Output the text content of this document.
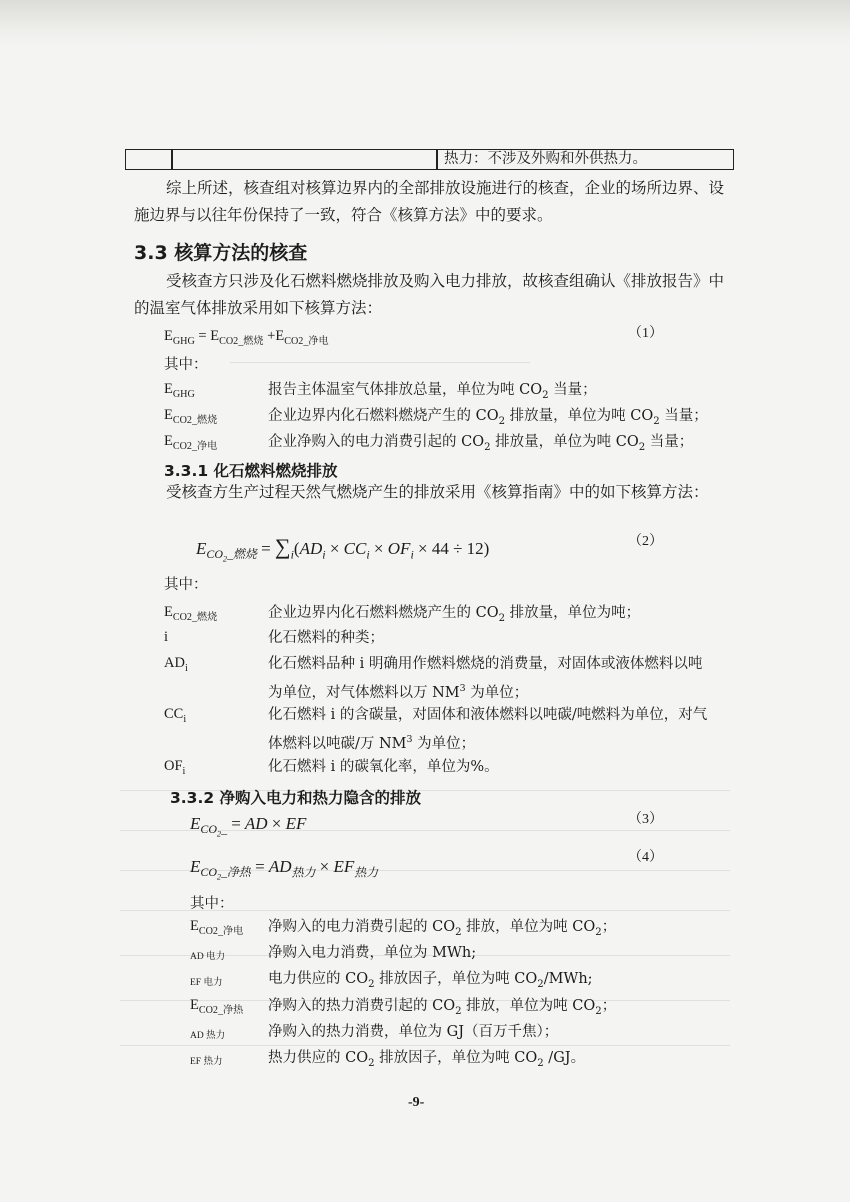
热力：不涉及外购和外供热力。
综上所述，核查组对核算边界内的全部排放设施进行的核查，企业的场所边界、设
施边界与以往年份保持了一致，符合《核算方法》中的要求。
3.3 核算方法的核查
受核查方只涉及化石燃料燃烧排放及购入电力排放，故核查组确认《排放报告》中
的温室气体排放采用如下核算方法：
$E_{GHG} = E_{CO2\_燃烧} +E_{CO2\_净电}$
（1）
其中：
$E_{GHG}$	报告主体温室气体排放总量，单位为吨 $CO_2$ 当量；
$E_{CO2\_燃烧}$	企业边界内化石燃料燃烧产生的 $CO_2$ 排放量，单位为吨 $CO_2$ 当量；
$E_{CO2\_净电}$	企业净购入的电力消费引起的 $CO_2$ 排放量，单位为吨 $CO_2$ 当量；
3.3.1 化石燃料燃烧排放
受核查方生产过程天然气燃烧产生的排放采用《核算指南》中的如下核算方法：
$E_{CO_2\_燃烧} = \sum_i(AD_i \times CC_i \times OF_i \times 44 \div 12)$	（2）
其中：
$E_{CO2\_燃烧}$	企业边界内化石燃料燃烧产生的 $CO_2$ 排放量，单位为吨；
i	化石燃料的种类；
$AD_i$	化石燃料品种 i 明确用作燃料燃烧的消费量，对固体或液体燃料以吨
为单位，对气体燃料以万 $NM^3$ 为单位；
$CC_i$	化石燃料 i 的含碳量，对固体和液体燃料以吨碳/吨燃料为单位，对气
体燃料以吨碳/万 $NM^3$ 为单位；
$OF_i$	化石燃料 i 的碳氧化率，单位为%。
3.3.2 净购入电力和热力隐含的排放
$E_{CO_2\_}$ = AD × EF	（3）
$E_{CO_2\_净热} = AD_{热力} \times EF_{热力}$
（4）
其中：
$E_{CO2\_净电}$ 净购入的电力消费引起的 $CO_2$ 排放，单位为吨 $CO_2$；
AD 电力	净购入电力消费，单位为 MWh;
EF 电力	电力供应的 $CO_2$ 排放因子，单位为吨 $CO_2$/MWh;
$E_{CO2\_净热}$ 净购入的热力消费引起的 $CO_2$ 排放，单位为吨 $CO_2$；
AD 热力	净购入的热力消费，单位为 GJ（百万千焦）；
EF 热力	热力供应的 $CO_2$ 排放因子，单位为吨 $CO_2$ /GJ。
-9-
